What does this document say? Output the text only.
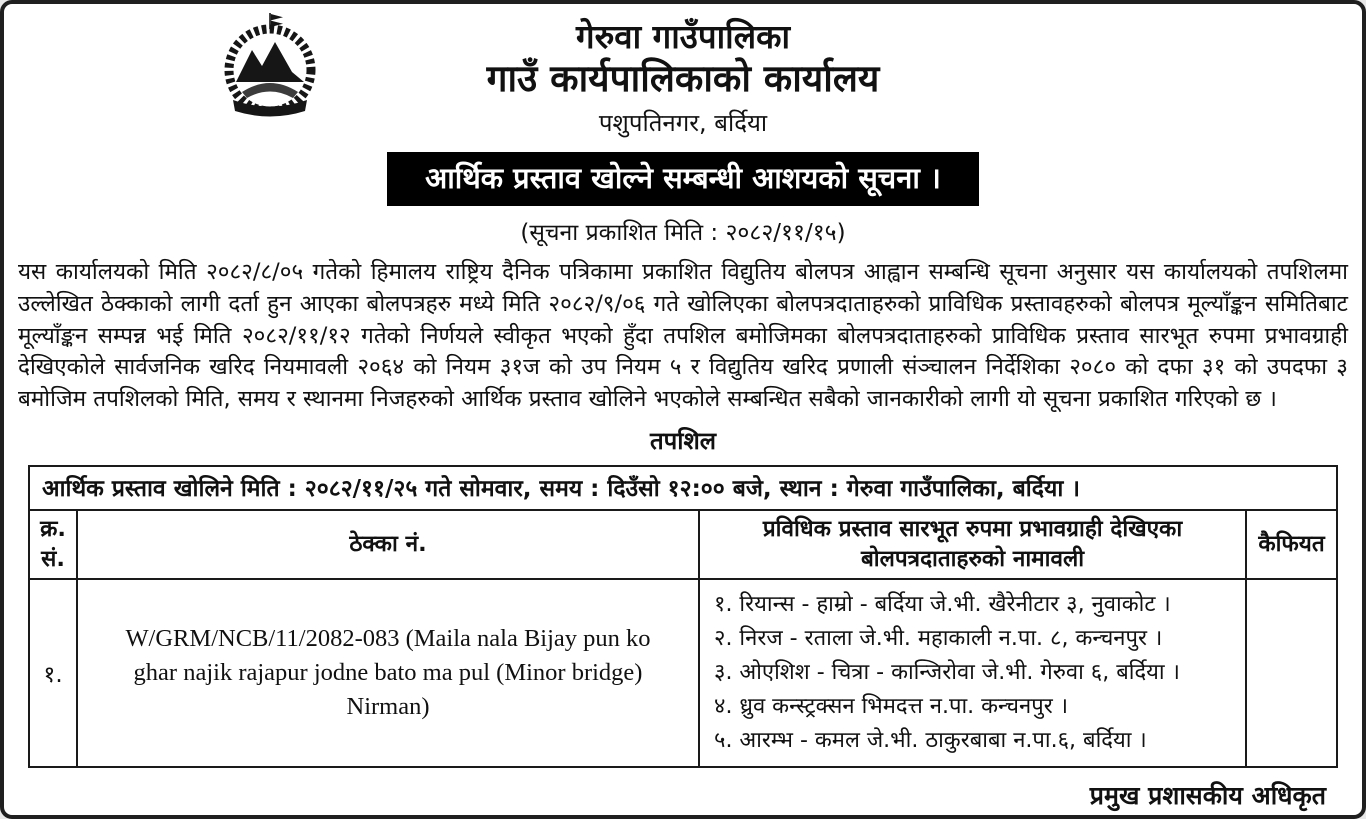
गेरुवा गाउँपालिका
गाउँ कार्यपालिकाको कार्यालय
पशुपतिनगर, बर्दिया
आर्थिक प्रस्ताव खोल्ने सम्बन्धी आशयको सूचना ।
(सूचना प्रकाशित मिति : २०८२/११/१५)

यस कार्यालयको मिति २०८२/८/०५ गतेको हिमालय राष्ट्रिय दैनिक पत्रिकामा प्रकाशित विद्युतिय बोलपत्र आह्वान सम्बन्धि सूचना अनुसार यस कार्यालयको तपशिलमा उल्लेखित ठेक्काको लागी दर्ता हुन आएका बोलपत्रहरु मध्ये मिति २०८२/९/०६ गते खोलिएका बोलपत्रदाताहरुको प्राविधिक प्रस्तावहरुको बोलपत्र मूल्याँङ्कन समितिबाट मूल्याँङ्कन सम्पन्न भई मिति २०८२/११/१२ गतेको निर्णयले स्वीकृत भएको हुँदा तपशिल बमोजिमका बोलपत्रदाताहरुको प्राविधिक प्रस्ताव सारभूत रुपमा प्रभावग्राही देखिएकोले सार्वजनिक खरिद नियमावली २०६४ को नियम ३१ज को उप नियम ५ र विद्युतिय खरिद प्रणाली संञ्चालन निर्देशिका २०८० को दफा ३१ को उपदफा ३ बमोजिम तपशिलको मिति, समय र स्थानमा निजहरुको आर्थिक प्रस्ताव खोलिने भएकोले सम्बन्धित सबैको जानकारीको लागी यो सूचना प्रकाशित गरिएको छ ।

तपशिल
आर्थिक प्रस्ताव खोलिने मिति : २०८२/११/२५ गते सोमवार, समय : दिउँसो १२:०० बजे, स्थान : गेरुवा गाउँपालिका, बर्दिया ।			
क्र.
सं.	ठेक्का नं.	प्रविधिक प्रस्ताव सारभूत रुपमा प्रभावग्राही देखिएका बोलपत्रदाताहरुको नामावली	कैफियत
१.	W/GRM/NCB/11/2082-083 (Maila nala Bijay pun ko ghar najik rajapur jodne bato ma pul (Minor bridge) Nirman)	१. रियान्स - हाम्रो - बर्दिया जे.भी. खैरेनीटार ३, नुवाकोट ।
२. निरज - रताला जे.भी. महाकाली न.पा. ८, कन्चनपुर ।
३. ओएशिश - चित्रा - कान्जिरोवा जे.भी. गेरुवा ६, बर्दिया ।
४. ध्रुव कन्स्ट्रक्सन भिमदत्त न.पा. कन्चनपुर ।
५. आरम्भ - कमल जे.भी. ठाकुरबाबा न.पा.६, बर्दिया ।	

प्रमुख प्रशासकीय अधिकृत
